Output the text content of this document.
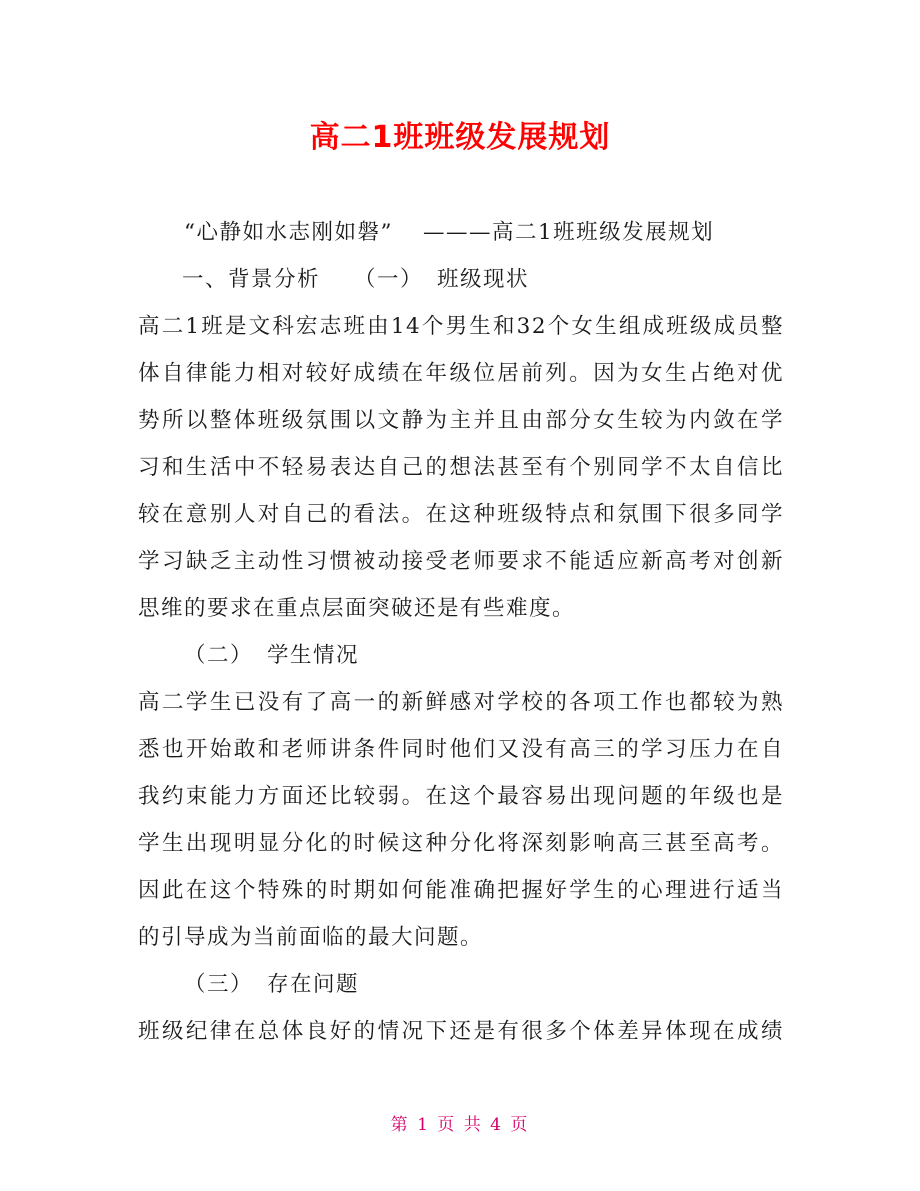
高二1班班级发展规划
“心静如水志刚如磐” ———高二1班班级发展规划
一、背景分析 （一） 班级现状
高二1班是文科宏志班由14个男生和32个女生组成班级成员整
体自律能力相对较好成绩在年级位居前列。因为女生占绝对优
势所以整体班级氛围以文静为主并且由部分女生较为内敛在学
习和生活中不轻易表达自己的想法甚至有个别同学不太自信比
较在意别人对自己的看法。在这种班级特点和氛围下很多同学
学习缺乏主动性习惯被动接受老师要求不能适应新高考对创新
思维的要求在重点层面突破还是有些难度。
（二） 学生情况
高二学生已没有了高一的新鲜感对学校的各项工作也都较为熟
悉也开始敢和老师讲条件同时他们又没有高三的学习压力在自
我约束能力方面还比较弱。在这个最容易出现问题的年级也是
学生出现明显分化的时候这种分化将深刻影响高三甚至高考。
因此在这个特殊的时期如何能准确把握好学生的心理进行适当
的引导成为当前面临的最大问题。
（三） 存在问题
班级纪律在总体良好的情况下还是有很多个体差异体现在成绩
第 1 页 共 4 页
